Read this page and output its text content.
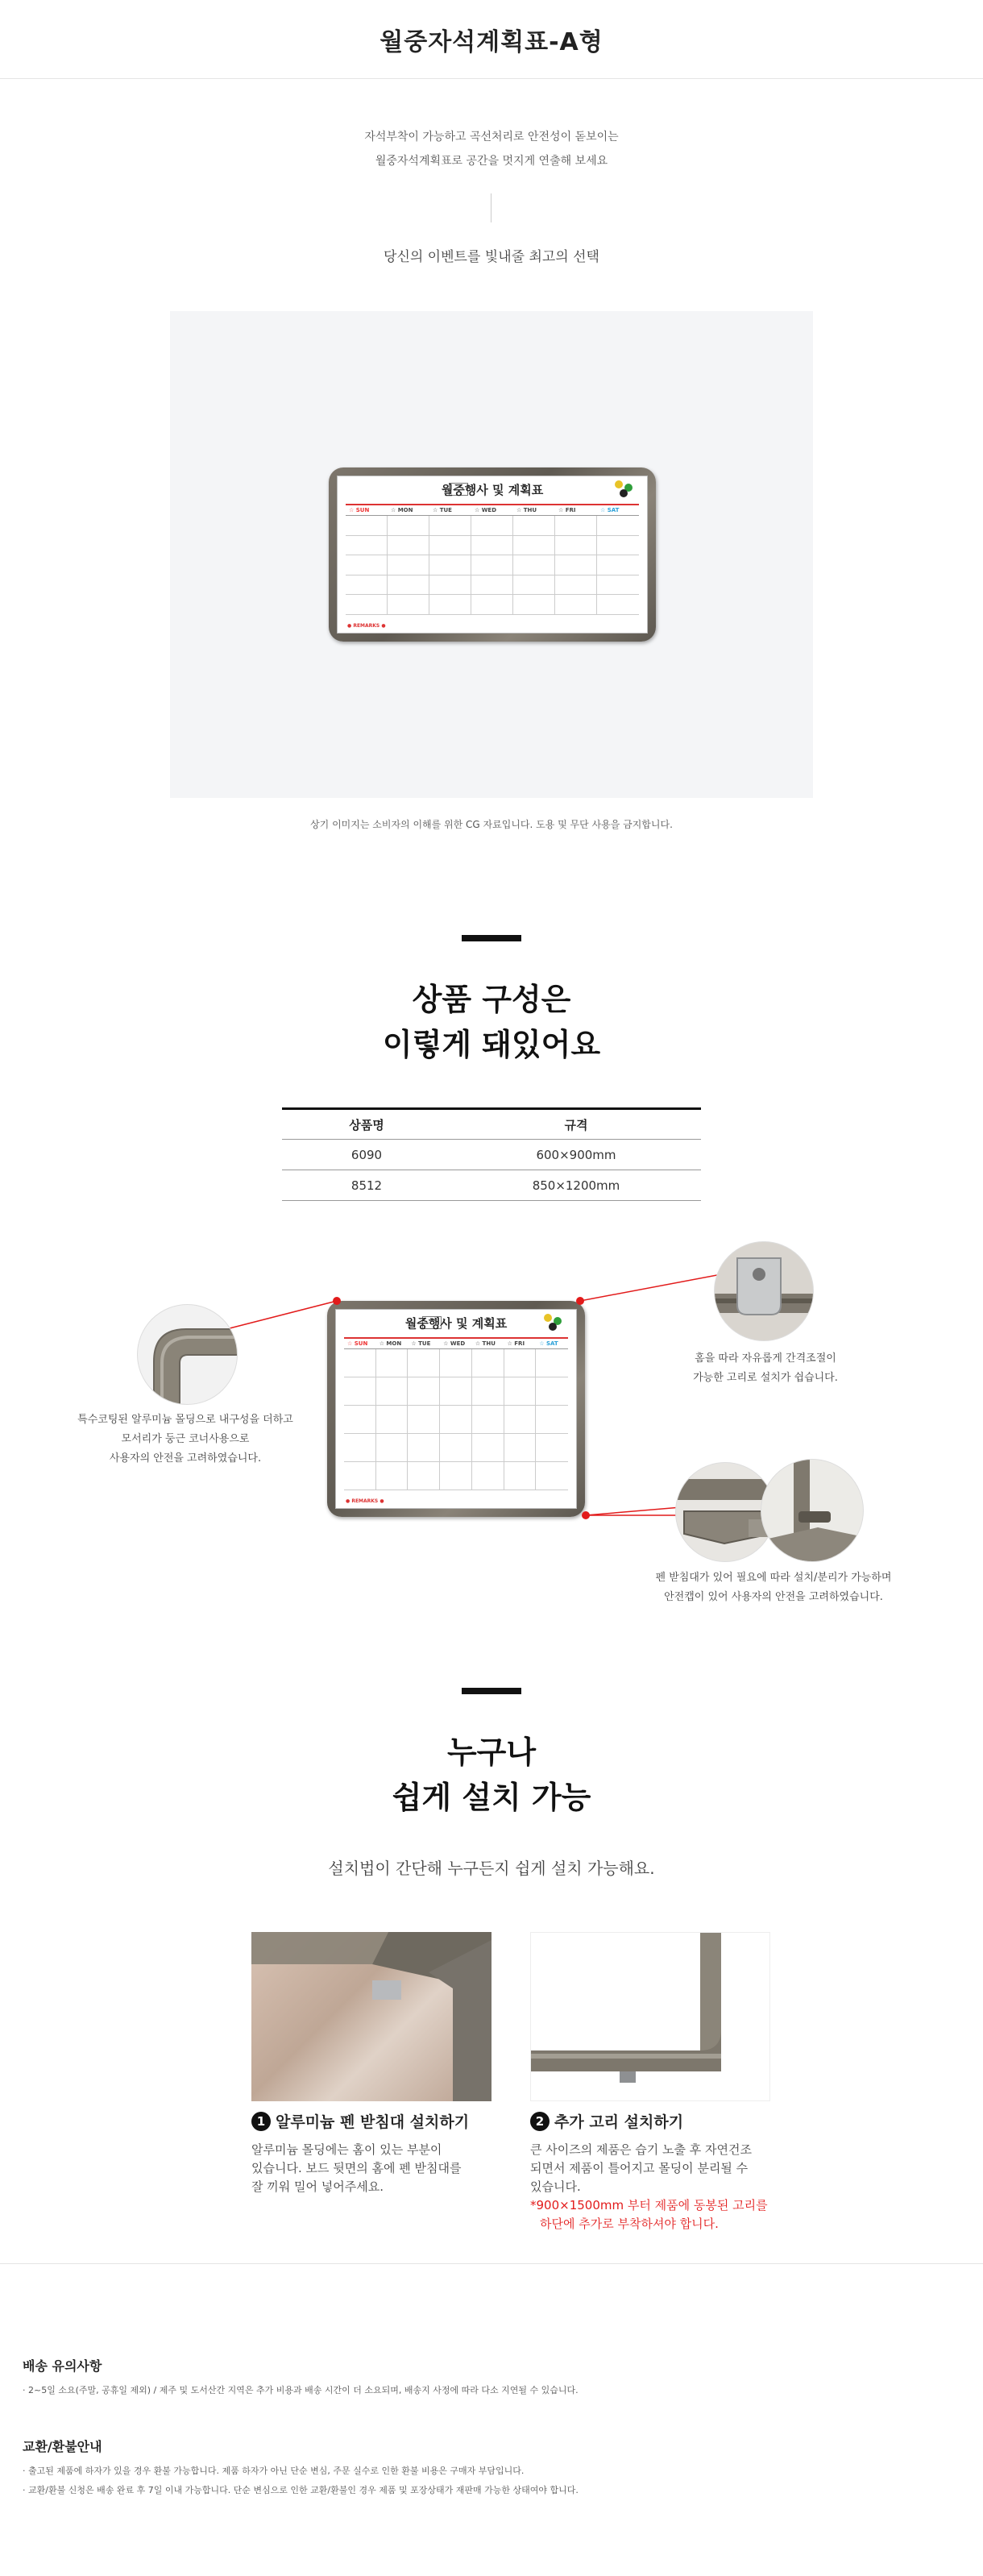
월중자석계획표-A형
자석부착이 가능하고 곡선처리로 안전성이 돋보이는
월중자석계획표로 공간을 멋지게 연출해 보세요
당신의 이벤트를 빛내줄 최고의 선택
월중행사 및 계획표
☆ SUN	☆ MON	☆ TUE	☆ WED	☆ THU	☆ FRI	☆ SAT
● REMARKS ●
상기 이미지는 소비자의 이해를 위한 CG 자료입니다. 도용 및 무단 사용을 금지합니다.
상품 구성은
이렇게 돼있어요
상품명	규격
6090	600×900mm
8512	850×1200mm
월중행사 및 계획표
☆ SUN	☆ MON	☆ TUE	☆ WED	☆ THU	☆ FRI	☆ SAT
● REMARKS ●
특수코팅된 알루미늄 몰딩으로 내구성을 더하고
모서리가 둥근 코너사용으로
사용자의 안전을 고려하였습니다.
홈을 따라 자유롭게 간격조절이
가능한 고리로 설치가 쉽습니다.
펜 받침대가 있어 필요에 따라 설치/분리가 가능하며
안전캡이 있어 사용자의 안전을 고려하였습니다.
누구나
쉽게 설치 가능
설치법이 간단해 누구든지 쉽게 설치 가능해요.
1 알루미늄 펜 받침대 설치하기
알루미늄 몰딩에는 홈이 있는 부분이
있습니다. 보드 뒷면의 홈에 펜 받침대를
잘 끼워 밀어 넣어주세요.
2 추가 고리 설치하기
큰 사이즈의 제품은 습기 노출 후 자연건조
되면서 제품이 틀어지고 몰딩이 분리될 수
있습니다.
*900×1500mm 부터 제품에 동봉된 고리를
하단에 추가로 부착하셔야 합니다.
배송 유의사항
· 2~5일 소요(주말, 공휴일 제외) / 제주 및 도서산간 지역은 추가 비용과 배송 시간이 더 소요되며, 배송지 사정에 따라 다소 지연될 수 있습니다.
교환/환불안내
· 출고된 제품에 하자가 있을 경우 환불 가능합니다. 제품 하자가 아닌 단순 변심, 주문 실수로 인한 환불 비용은 구매자 부담입니다.
· 교환/환불 신청은 배송 완료 후 7일 이내 가능합니다. 단순 변심으로 인한 교환/환불인 경우 제품 및 포장상태가 재판매 가능한 상태여야 합니다.
